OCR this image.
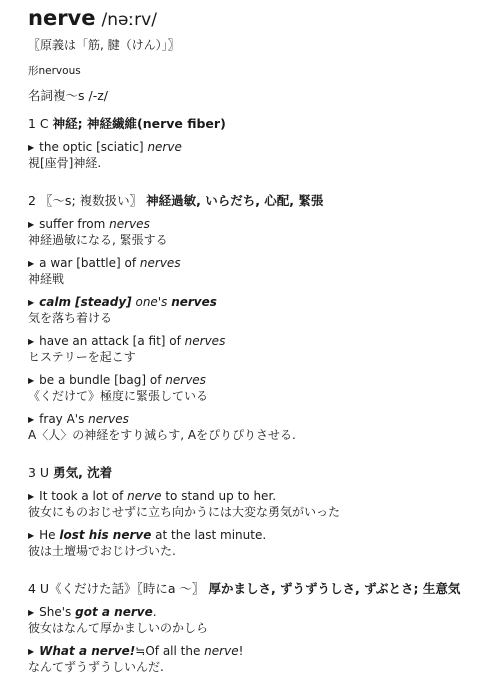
nerve /nəːrv/
〖原義は「筋, 腱（けん）」〗
形nervous
名詞複〜s /-z/
1 C 神経; 神経繊維(nerve fiber)
▶ the optic [sciatic] nerve
視[座骨]神経.
2 〖〜s; 複数扱い〗 神経過敏, いらだち, 心配, 緊張
▶ suffer from nerves
神経過敏になる, 緊張する
▶ a war [battle] of nerves
神経戦
▶ calm [steady] one's nerves
気を落ち着ける
▶ have an attack [a fit] of nerves
ヒステリーを起こす
▶ be a bundle [bag] of nerves
《くだけて》極度に緊張している
▶ fray A's nerves
A〈人〉の神経をすり減らす, Aをぴりぴりさせる.
3 U 勇気, 沈着
▶ It took a lot of nerve to stand up to her.
彼女にものおじせずに立ち向かうには大変な勇気がいった
▶ He lost his nerve at the last minute.
彼は土壇場でおじけづいた.
4 U《くだけた話》〖時にa 〜〗 厚かましさ, ずうずうしさ, ずぶとさ; 生意気
▶ She's got a nerve .
彼女はなんて厚かましいのかしら
▶ What a nerve! ≒Of all the nerve !
なんてずうずうしいんだ.
